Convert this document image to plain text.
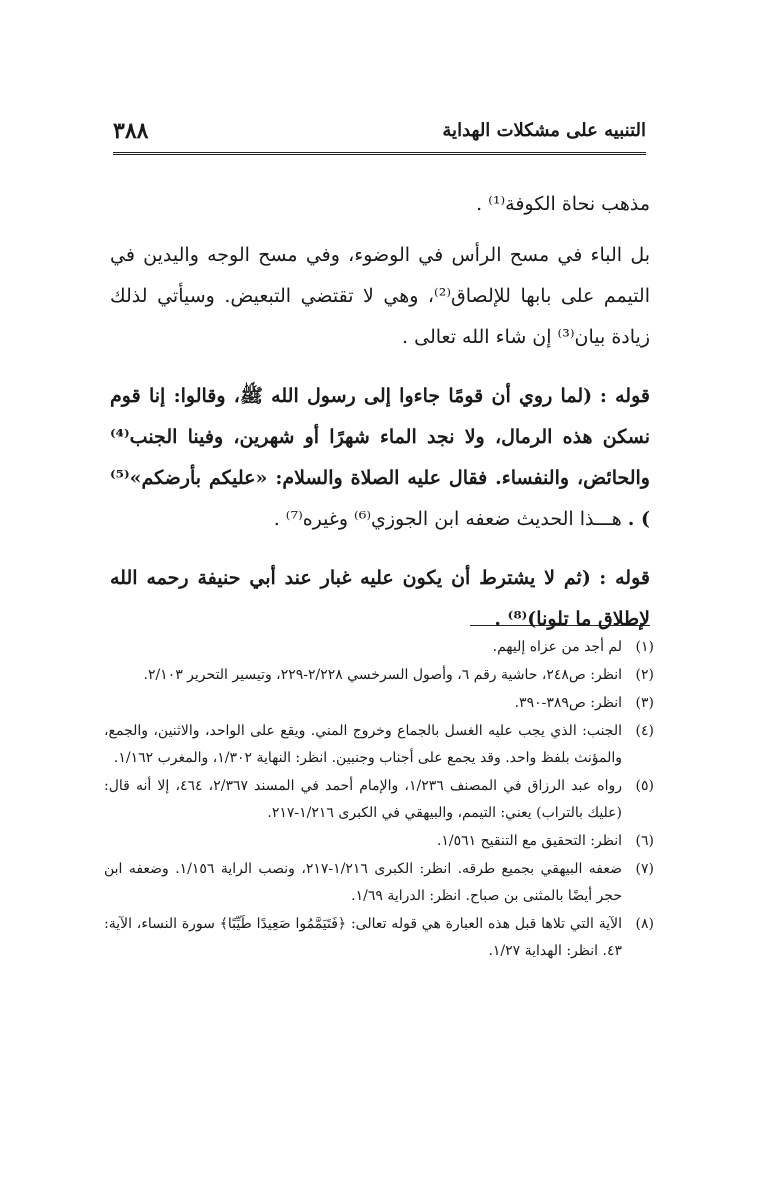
٣٨٨	التنبيه على مشكلات الهداية

مذهب نحاة الكوفة⁽¹⁾ .

بل الباء في مسح الرأس في الوضوء، وفي مسح الوجه واليدين في التيمم على بابها للإلصاق⁽²⁾، وهي لا تقتضي التبعيض. وسيأتي لذلك زيادة بيان⁽³⁾ إن شاء الله تعالى .

قوله : (لما روي أن قومًا جاءوا إلى رسول الله ﷺ، وقالوا: إنا قوم نسكن هذه الرمال، ولا نجد الماء شهرًا أو شهرين، وفينا الجنب⁽⁴⁾ والحائض، والنفساء. فقال عليه الصلاة والسلام: «عليكم بأرضكم»⁽⁵⁾ ) . هـــذا الحديث ضعفه ابن الجوزي⁽⁶⁾ وغيره⁽⁷⁾ .

قوله : (ثم لا يشترط أن يكون عليه غبار عند أبي حنيفة رحمه الله لإطلاق ما تلونا)⁽⁸⁾ .

(١)
لم أجد من عزاه إليهم.
(٢)
انظر: ص٢٤٨، حاشية رقم ٦، وأصول السرخسي ٢/٢٢٨-٢٢٩، وتيسير التحرير ٢/١٠٣.
(٣)
انظر: ص٣٨٩-٣٩٠.
(٤)
الجنب: الذي يجب عليه الغسل بالجماع وخروج المني. ويقع على الواحد، والاثنين، والجمع، والمؤنث بلفظ واحد. وقد يجمع على أجناب وجنبين. انظر: النهاية ١/٣٠٢، والمغرب ١/١٦٢.
(٥)
رواه عبد الرزاق في المصنف ١/٢٣٦، والإمام أحمد في المسند ٢/٣٦٧، ٤٦٤، إلا أنه قال: (عليك بالتراب) يعني: التيمم، والبيهقي في الكبرى ١/٢١٦-٢١٧.
(٦)
انظر: التحقيق مع التنقيح ١/٥٦١.
(٧)
ضعفه البيهقي بجميع طرقه. انظر: الكبرى ١/٢١٦-٢١٧، ونصب الراية ١/١٥٦. وضعفه ابن حجر أيضًا بالمثنى بن صباح. انظر: الدراية ١/٦٩.
(٨)
الآية التي تلاها قبل هذه العبارة هي قوله تعالى: ﴿فَتَيَمَّمُوا صَعِيدًا طَيِّبًا﴾ سورة النساء، الآية: ٤٣. انظر: الهداية ١/٢٧.
